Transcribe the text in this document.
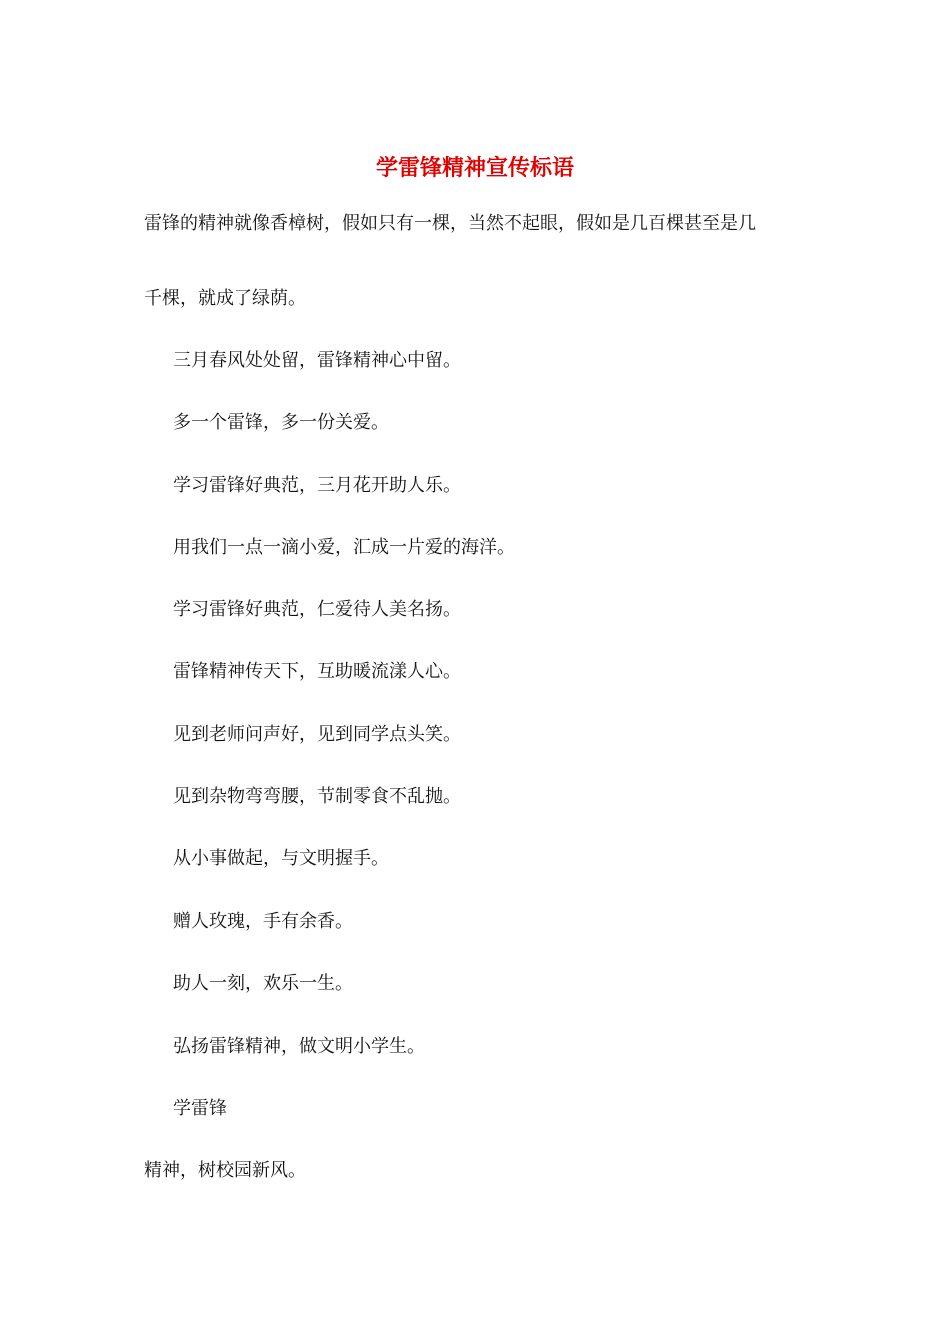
学雷锋精神宣传标语
雷锋的精神就像香樟树，假如只有一棵，当然不起眼，假如是几百棵甚至是几
千棵，就成了绿荫。
三月春风处处留，雷锋精神心中留。
多一个雷锋，多一份关爱。
学习雷锋好典范，三月花开助人乐。
用我们一点一滴小爱，汇成一片爱的海洋。
学习雷锋好典范，仁爱待人美名扬。
雷锋精神传天下，互助暖流漾人心。
见到老师问声好，见到同学点头笑。
见到杂物弯弯腰，节制零食不乱抛。
从小事做起，与文明握手。
赠人玫瑰，手有余香。
助人一刻，欢乐一生。
弘扬雷锋精神，做文明小学生。
学雷锋
精神，树校园新风。
